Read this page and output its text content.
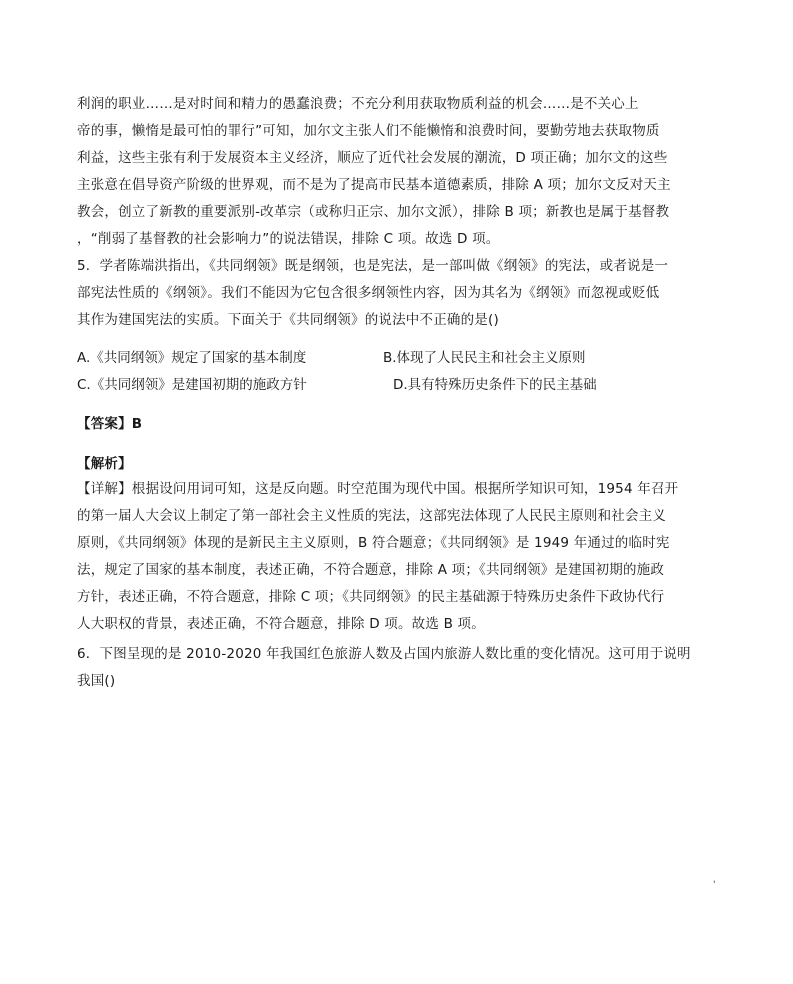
利润的职业……是对时间和精力的愚蠢浪费；不充分利用获取物质利益的机会……是不关心上
帝的事，懒惰是最可怕的罪行”可知，加尔文主张人们不能懒惰和浪费时间，要勤劳地去获取物质
利益，这些主张有利于发展资本主义经济，顺应了近代社会发展的潮流，D 项正确；加尔文的这些
主张意在倡导资产阶级的世界观，而不是为了提高市民基本道德素质，排除 A 项；加尔文反对天主
教会，创立了新教的重要派别-改革宗（或称归正宗、加尔文派），排除 B 项；新教也是属于基督教
，“削弱了基督教的社会影响力”的说法错误，排除 C 项。故选 D 项。
5．学者陈端洪指出，《共同纲领》既是纲领，也是宪法，是一部叫做《纲领》的宪法，或者说是一
部宪法性质的《纲领》。我们不能因为它包含很多纲领性内容，因为其名为《纲领》而忽视或贬低
其作为建国宪法的实质。下面关于《共同纲领》的说法中不正确的是()
A.《共同纲领》规定了国家的基本制度	B.体现了人民民主和社会主义原则
C.《共同纲领》是建国初期的施政方针	D.具有特殊历史条件下的民主基础
【答案】B
【解析】
【详解】根据设问用词可知，这是反向题。时空范围为现代中国。根据所学知识可知，1954 年召开
的第一届人大会议上制定了第一部社会主义性质的宪法，这部宪法体现了人民民主原则和社会主义
原则，《共同纲领》体现的是新民主主义原则，B 符合题意；《共同纲领》是 1949 年通过的临时宪
法，规定了国家的基本制度，表述正确，不符合题意，排除 A 项；《共同纲领》是建国初期的施政
方针，表述正确，不符合题意，排除 C 项；《共同纲领》的民主基础源于特殊历史条件下政协代行
人大职权的背景，表述正确，不符合题意，排除 D 项。故选 B 项。
6．下图呈现的是 2010-2020 年我国红色旅游人数及占国内旅游人数比重的变化情况。这可用于说明
我国()
'
